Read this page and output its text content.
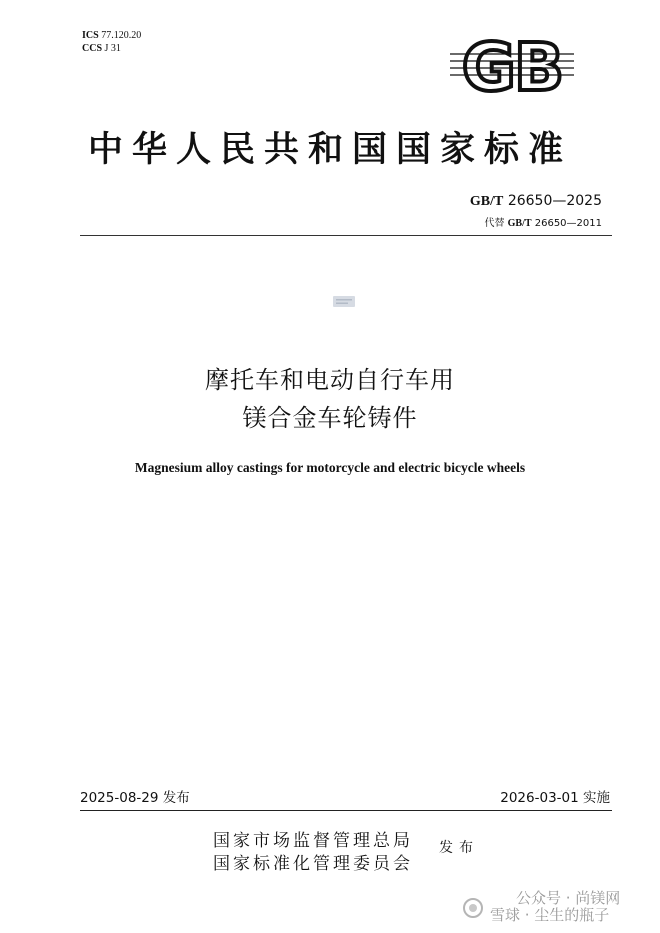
ICS 77.120.20
CCS J 31	GB
中华人民共和国国家标准
GB/T 26650—2025
代替 GB/T 26650—2011
摩托车和电动自行车用
镁合金车轮铸件
Magnesium alloy castings for motorcycle and electric bicycle wheels
2025-08-29 发布	2026-03-01 实施
国家市场监督管理总局
国家标准化管理委员会
发布
公众号 · 尚镁网
雪球 · 尘生的瓶子
